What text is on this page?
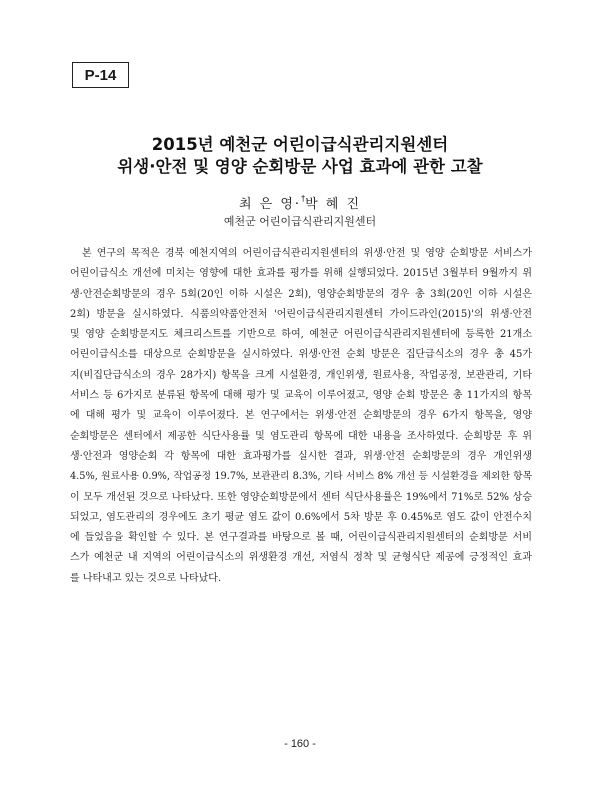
P-14
2015년 예천군 어린이급식관리지원센터
위생·안전 및 영양 순회방문 사업 효과에 관한 고찰
최 은 영·†박 혜 진
예천군 어린이급식관리지원센터
본 연구의 목적은 경북 예천지역의 어린이급식관리지원센터의 위생·안전 및 영양 순회방문 서비스가
어린이급식소 개선에 미치는 영향에 대한 효과를 평가를 위해 실행되었다. 2015년 3월부터 9월까지 위
생·안전순회방문의 경우 5회(20인 이하 시설은 2회), 영양순회방문의 경우 총 3회(20인 이하 시설은
2회) 방문을 실시하였다. 식품의약품안전처 '어린이급식관리지원센터 가이드라인(2015)'의 위생·안전
및 영양 순회방문지도 체크리스트를 기반으로 하여, 예천군 어린이급식관리지원센터에 등록한 21개소
어린이급식소를 대상으로 순회방문을 실시하였다. 위생·안전 순회 방문은 집단급식소의 경우 총 45가
지(비집단급식소의 경우 28가지) 항목을 크게 시설환경, 개인위생, 원료사용, 작업공정, 보관관리, 기타
서비스 등 6가지로 분류된 항목에 대해 평가 및 교육이 이루어졌고, 영양 순회 방문은 총 11가지의 항목
에 대해 평가 및 교육이 이루어졌다. 본 연구에서는 위생·안전 순회방문의 경우 6가지 항목을, 영양
순회방문은 센터에서 제공한 식단사용률 및 염도관리 항목에 대한 내용을 조사하였다. 순회방문 후 위
생·안전과 영양순회 각 항목에 대한 효과평가를 실시한 결과, 위생·안전 순회방문의 경우 개인위생
4.5%, 원료사용 0.9%, 작업공정 19.7%, 보관관리 8.3%, 기타 서비스 8% 개선 등 시설환경을 제외한 항목
이 모두 개선된 것으로 나타났다. 또한 영양순회방문에서 센터 식단사용률은 19%에서 71%로 52% 상승
되었고, 염도관리의 경우에도 초기 평균 염도 값이 0.6%에서 5차 방문 후 0.45%로 염도 값이 안전수치
에 들었음을 확인할 수 있다. 본 연구결과를 바탕으로 볼 때, 어린이급식관리지원센터의 순회방문 서비
스가 예천군 내 지역의 어린이급식소의 위생환경 개선, 저염식 정착 및 균형식단 제공에 긍정적인 효과
를 나타내고 있는 것으로 나타났다.
- 160 -
